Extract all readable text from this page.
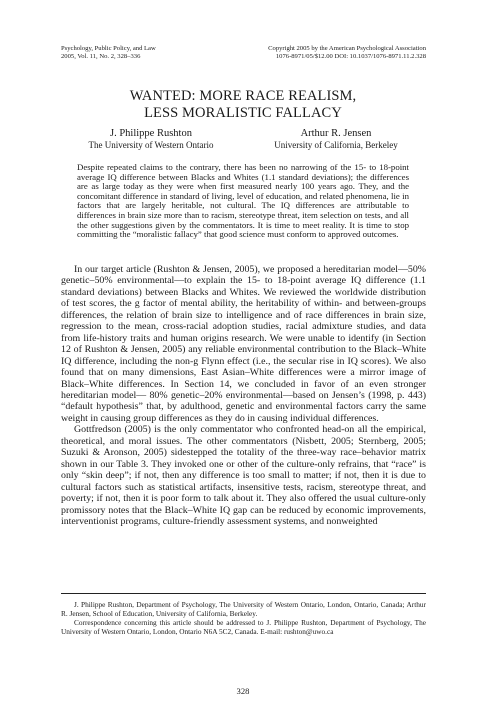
Psychology, Public Policy, and Law
2005, Vol. 11, No. 2, 328–336
Copyright 2005 by the American Psychological Association
1076-8971/05/$12.00 DOI: 10.1037/1076-8971.11.2.328
WANTED: MORE RACE REALISM,
LESS MORALISTIC FALLACY
J. Philippe Rushton
The University of Western Ontario
Arthur R. Jensen
University of California, Berkeley
Despite repeated claims to the contrary, there has been no narrowing of the 15- to 18-point average IQ difference between Blacks and Whites (1.1 standard deviations); the differences are as large today as they were when first measured nearly 100 years ago. They, and the concomitant difference in standard of living, level of education, and related phenomena, lie in factors that are largely heritable, not cultural. The IQ differences are attributable to differences in brain size more than to racism, stereotype threat, item selection on tests, and all the other suggestions given by the commentators. It is time to meet reality. It is time to stop committing the “moralistic fallacy” that good science must conform to approved outcomes.

In our target article (Rushton & Jensen, 2005), we proposed a hereditarian model—50% genetic–50% environmental—to explain the 15- to 18-point average IQ difference (1.1 standard deviations) between Blacks and Whites. We reviewed the worldwide distribution of test scores, the g factor of mental ability, the heritability of within- and between-groups differences, the relation of brain size to intelligence and of race differences in brain size, regression to the mean, cross-racial adoption studies, racial admixture studies, and data from life-history traits and human origins research. We were unable to identify (in Section 12 of Rushton & Jensen, 2005) any reliable environmental contribution to the Black–White IQ difference, including the non-g Flynn effect (i.e., the secular rise in IQ scores). We also found that on many dimensions, East Asian–White differences were a mirror image of Black–White differences. In Section 14, we concluded in favor of an even stronger hereditarian model— 80% genetic–20% environmental—based on Jensen’s (1998, p. 443) “default hypothesis” that, by adulthood, genetic and environmental factors carry the same weight in causing group differences as they do in causing individual differences.

Gottfredson (2005) is the only commentator who confronted head-on all the empirical, theoretical, and moral issues. The other commentators (Nisbett, 2005; Sternberg, 2005; Suzuki & Aronson, 2005) sidestepped the totality of the three-way race–behavior matrix shown in our Table 3. They invoked one or other of the culture-only refrains, that “race” is only “skin deep”; if not, then any difference is too small to matter; if not, then it is due to cultural factors such as statistical artifacts, insensitive tests, racism, stereotype threat, and poverty; if not, then it is poor form to talk about it. They also offered the usual culture-only promissory notes that the Black–White IQ gap can be reduced by economic improvements, interventionist programs, culture-friendly assessment systems, and nonweighted

J. Philippe Rushton, Department of Psychology, The University of Western Ontario, London, Ontario, Canada; Arthur R. Jensen, School of Education, University of California, Berkeley.

Correspondence concerning this article should be addressed to J. Philippe Rushton, Department of Psychology, The University of Western Ontario, London, Ontario N6A 5C2, Canada. E-mail: rushton@uwo.ca

328
